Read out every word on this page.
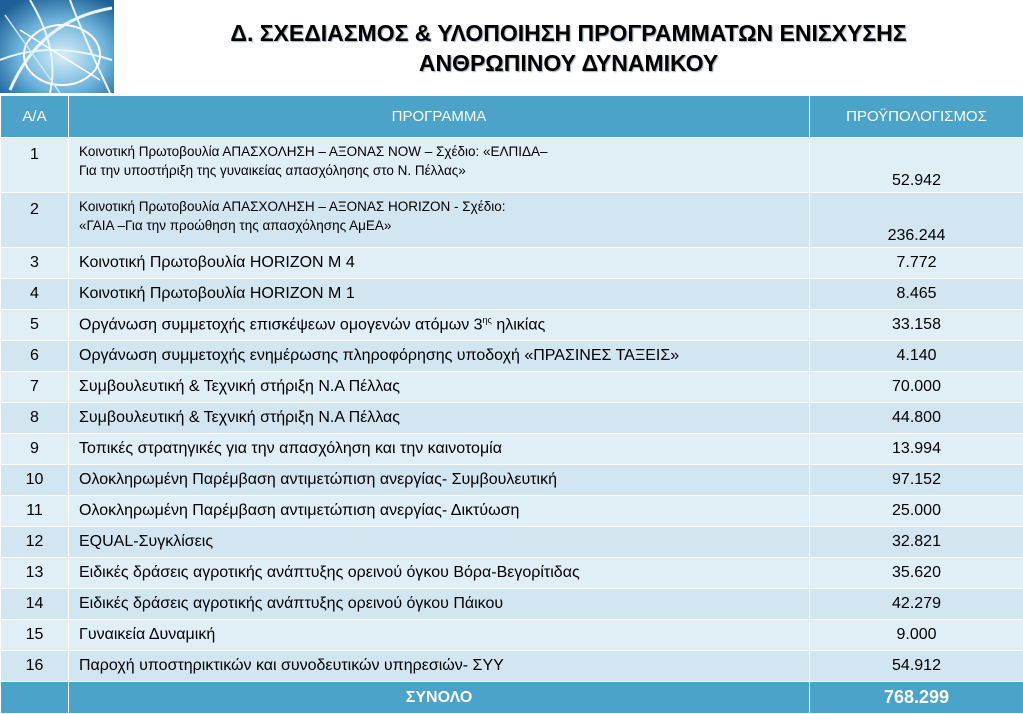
Δ. ΣΧΕΔΙΑΣΜΟΣ & ΥΛΟΠΟΙΗΣΗ ΠΡΟΓΡΑΜΜΑΤΩΝ ΕΝΙΣΧΥΣΗΣ
ΑΝΘΡΩΠΙΝΟΥ ΔΥΝΑΜΙΚΟΥ
Α/Α	ΠΡΟΓΡΑΜΜΑ	ΠΡΟΫΠΟΛΟΓΙΣΜΟΣ
1	Κοινοτική Πρωτοβουλία ΑΠΑΣΧΟΛΗΣΗ – ΑΞΟΝΑΣ NOW – Σχέδιο: «ΕΛΠΙΔΑ–
Για την υποστήριξη της γυναικείας απασχόλησης στο Ν. Πέλλας»	52.942
2	Κοινοτική Πρωτοβουλία ΑΠΑΣΧΟΛΗΣΗ – ΑΞΟΝΑΣ HORIZON - Σχέδιο:
«ΓΑΙΑ –Για την προώθηση της απασχόλησης ΑμΕΑ»	236.244
3	Κοινοτική Πρωτοβουλία HORIZON Μ 4	7.772
4	Κοινοτική Πρωτοβουλία HORIZON Μ 1	8.465
5	Οργάνωση συμμετοχής επισκέψεων ομογενών ατόμων $3^{\eta\varsigma}$ ηλικίας	33.158
6	Οργάνωση συμμετοχής ενημέρωσης πληροφόρησης υποδοχή «ΠΡΑΣΙΝΕΣ ΤΑΞΕΙΣ»	4.140
7	Συμβουλευτική & Τεχνική στήριξη Ν.Α Πέλλας	70.000
8	Συμβουλευτική & Τεχνική στήριξη Ν.Α Πέλλας	44.800
9	Τοπικές στρατηγικές για την απασχόληση και την καινοτομία	13.994
10	Ολοκληρωμένη Παρέμβαση αντιμετώπιση ανεργίας- Συμβουλευτική	97.152
11	Ολοκληρωμένη Παρέμβαση αντιμετώπιση ανεργίας- Δικτύωση	25.000
12	EQUAL-Συγκλίσεις	32.821
13	Ειδικές δράσεις αγροτικής ανάπτυξης ορεινού όγκου Βόρα-Βεγορίτιδας	35.620
14	Ειδικές δράσεις αγροτικής ανάπτυξης ορεινού όγκου Πάικου	42.279
15	Γυναικεία Δυναμική	9.000
16	Παροχή υποστηρικτικών και συνοδευτικών υπηρεσιών- ΣΥΥ	54.912
	ΣΥΝΟΛΟ	768.299
